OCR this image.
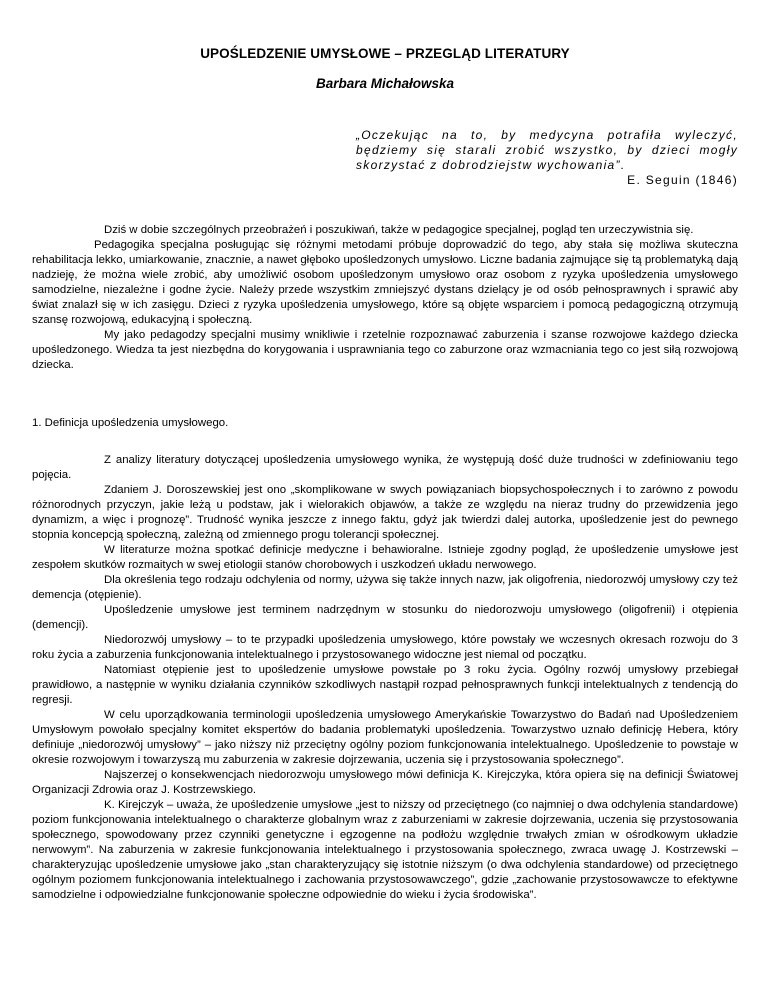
UPOŚLEDZENIE UMYSŁOWE – PRZEGLĄD LITERATURY
Barbara Michałowska
„Oczekując na to, by medycyna potrafiła wyleczyć, będziemy się starali zrobić wszystko, by dzieci mogły skorzystać z dobrodziejstw wychowania”.
E. Seguin (1846)

Dziś w dobie szczególnych przeobrażeń i poszukiwań, także w pedagogice specjalnej, pogląd ten urzeczywistnia się.

Pedagogika specjalna posługując się różnymi metodami próbuje doprowadzić do tego, aby stała się możliwa skuteczna rehabilitacja lekko, umiarkowanie, znacznie, a nawet głęboko upośledzonych umysłowo. Liczne badania zajmujące się tą problematyką dają nadzieję, że można wiele zrobić, aby umożliwić osobom upośledzonym umysłowo oraz osobom z ryzyka upośledzenia umysłowego samodzielne, niezależne i godne życie. Należy przede wszystkim zmniejszyć dystans dzielący je od osób pełnosprawnych i sprawić aby świat znalazł się w ich zasięgu. Dzieci z ryzyka upośledzenia umysłowego, które są objęte wsparciem i pomocą pedagogiczną otrzymują szansę rozwojową, edukacyjną i społeczną.

My jako pedagodzy specjalni musimy wnikliwie i rzetelnie rozpoznawać zaburzenia i szanse rozwojowe każdego dziecka upośledzonego. Wiedza ta jest niezbędna do korygowania i usprawniania tego co zaburzone oraz wzmacniania tego co jest siłą rozwojową dziecka.

1. Definicja upośledzenia umysłowego.

Z analizy literatury dotyczącej upośledzenia umysłowego wynika, że występują dość duże trudności w zdefiniowaniu tego pojęcia.

Zdaniem J. Doroszewskiej jest ono „skomplikowane w swych powiązaniach biopsychospołecznych i to zarówno z powodu różnorodnych przyczyn, jakie leżą u podstaw, jak i wielorakich objawów, a także ze względu na nieraz trudny do przewidzenia jego dynamizm, a więc i prognozę”. Trudność wynika jeszcze z innego faktu, gdyż jak twierdzi dalej autorka, upośledzenie jest do pewnego stopnia koncepcją społeczną, zależną od zmiennego progu tolerancji społecznej.

W literaturze można spotkać definicje medyczne i behawioralne. Istnieje zgodny pogląd, że upośledzenie umysłowe jest zespołem skutków rozmaitych w swej etiologii stanów chorobowych i uszkodzeń układu nerwowego.

Dla określenia tego rodzaju odchylenia od normy, używa się także innych nazw, jak oligofrenia, niedorozwój umysłowy czy też demencja (otępienie).

Upośledzenie umysłowe jest terminem nadrzędnym w stosunku do niedorozwoju umysłowego (oligofrenii) i otępienia (demencji).

Niedorozwój umysłowy – to te przypadki upośledzenia umysłowego, które powstały we wczesnych okresach rozwoju do 3 roku życia a zaburzenia funkcjonowania intelektualnego i przystosowanego widoczne jest niemal od początku.

Natomiast otępienie jest to upośledzenie umysłowe powstałe po 3 roku życia. Ogólny rozwój umysłowy przebiegał prawidłowo, a następnie w wyniku działania czynników szkodliwych nastąpił rozpad pełnosprawnych funkcji intelektualnych z tendencją do regresji.

W celu uporządkowania terminologii upośledzenia umysłowego Amerykańskie Towarzystwo do Badań nad Upośledzeniem Umysłowym powołało specjalny komitet ekspertów do badania problematyki upośledzenia. Towarzystwo uznało definicję Hebera, który definiuje „niedorozwój umysłowy” – jako niższy niż przeciętny ogólny poziom funkcjonowania intelektualnego. Upośledzenie to powstaje w okresie rozwojowym i towarzyszą mu zaburzenia w zakresie dojrzewania, uczenia się i przystosowania społecznego”.

Najszerzej o konsekwencjach niedorozwoju umysłowego mówi definicja K. Kirejczyka, która opiera się na definicji Światowej Organizacji Zdrowia oraz J. Kostrzewskiego.

K. Kirejczyk – uważa, że upośledzenie umysłowe „jest to niższy od przeciętnego (co najmniej o dwa odchylenia standardowe) poziom funkcjonowania intelektualnego o charakterze globalnym wraz z zaburzeniami w zakresie dojrzewania, uczenia się przystosowania społecznego, spowodowany przez czynniki genetyczne i egzogenne na podłożu względnie trwałych zmian w ośrodkowym układzie nerwowym”. Na zaburzenia w zakresie funkcjonowania intelektualnego i przystosowania społecznego, zwraca uwagę J. Kostrzewski – charakteryzując upośledzenie umysłowe jako „stan charakteryzujący się istotnie niższym (o dwa odchylenia standardowe) od przeciętnego ogólnym poziomem funkcjonowania intelektualnego i zachowania przystosowawczego”, gdzie „zachowanie przystosowawcze to efektywne samodzielne i odpowiedzialne funkcjonowanie społeczne odpowiednie do wieku i życia środowiska”.
